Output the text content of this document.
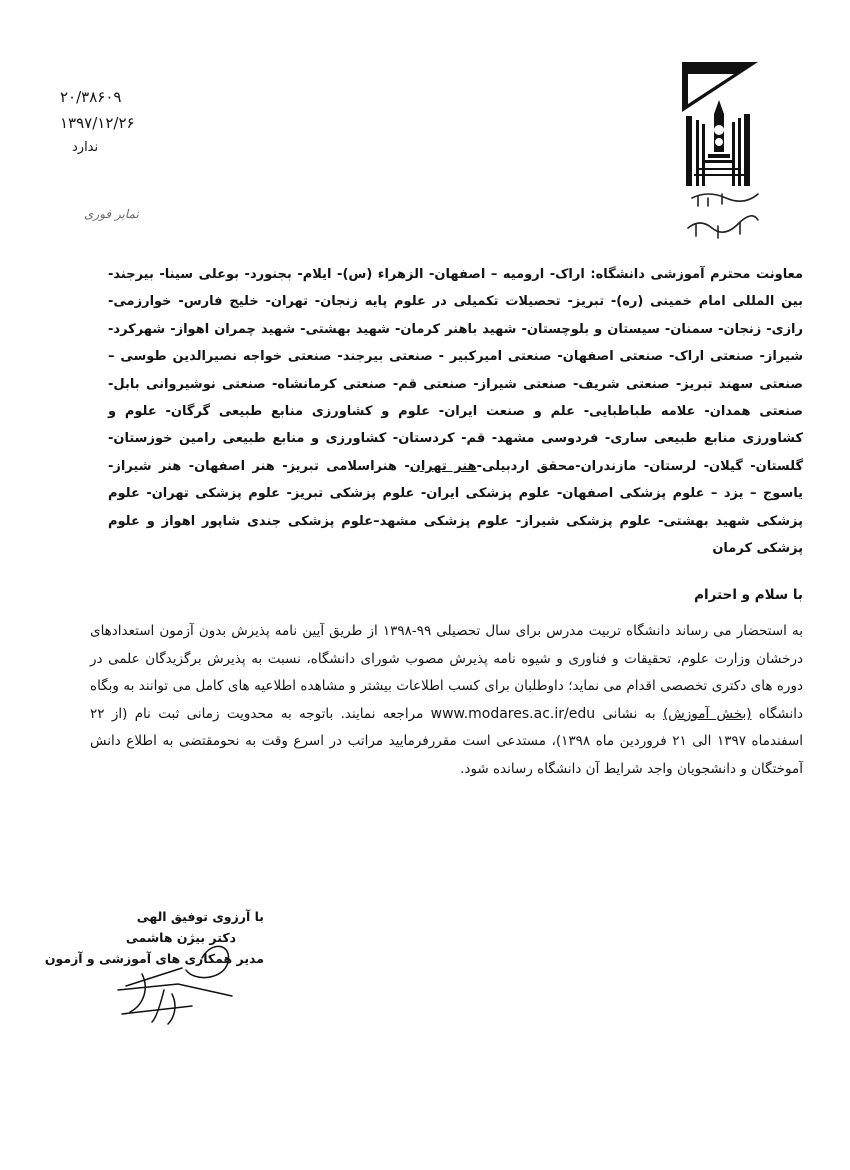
۲۰/۳۸۶۰۹
۱۳۹۷/۱۲/۲۶
ندارد
نمابر فوری
معاونت محترم آموزشی دانشگاه: اراک- ارومیه – اصفهان- الزهراء (س)- ایلام- بجنورد- بوعلی سینا- بیرجند- بین المللی امام خمینی (ره)- تبریز- تحصیلات تکمیلی در علوم پایه زنجان- تهران- خلیج فارس- خوارزمی- رازی- زنجان- سمنان- سیستان و بلوچستان- شهید باهنر کرمان- شهید بهشتی- شهید چمران اهواز- شهرکرد- شیراز- صنعتی اراک- صنعتی اصفهان- صنعتی امیرکبیر - صنعتی بیرجند- صنعتی خواجه نصیرالدین طوسی – صنعتی سهند تبریز- صنعتی شریف- صنعتی شیراز- صنعتی قم- صنعتی کرمانشاه- صنعتی نوشیروانی بابل-صنعتی همدان- علامه طباطبایی- علم و صنعت ایران- علوم و کشاورزی منابع طبیعی گرگان- علوم و کشاورزی منابع طبیعی ساری- فردوسی مشهد- قم- کردستان- کشاورزی و منابع طبیعی رامین خوزستان- گلستان- گیلان- لرستان- مازندران-محقق اردبیلی-هنر تهران- هنراسلامی تبریز- هنر اصفهان- هنر شیراز- یاسوج – یزد – علوم پزشکی اصفهان- علوم پزشکی ایران- علوم پزشکی تبریز- علوم پزشکی تهران- علوم پزشکی شهید بهشتی- علوم پزشکی شیراز- علوم پزشکی مشهد–علوم پزشکی جندی شاپور اهواز و علوم پزشکی کرمان
با سلام و احترام
به استحضار می رساند دانشگاه تربیت مدرس برای سال تحصیلی ۹۹-۱۳۹۸ از طریق آیین نامه پذیرش بدون آزمون استعدادهای درخشان وزارت علوم، تحقیقات و فناوری و شیوه نامه پذیرش مصوب شورای دانشگاه، نسبت به پذیرش برگزیدگان علمی در دوره های دکتری تخصصی اقدام می نماید؛ داوطلبان برای کسب اطلاعات بیشتر و مشاهده اطلاعیه های کامل می توانند به وبگاه دانشگاه (بخش آموزش) به نشانی www.modares.ac.ir/edu مراجعه نمایند. باتوجه به محدویت زمانی ثبت نام (از ۲۲ اسفندماه ۱۳۹۷ الی ۲۱ فروردین ماه ۱۳۹۸)، مستدعی است مقررفرمایید مراتب در اسرع وقت به نحومقتضی به اطلاع دانش آموختگان و دانشجویان واجد شرایط آن دانشگاه رسانده شود.
با آرزوی توفیق الهی
دکتر بیژن هاشمی
مدیر همکاری های آموزشی و آزمون
